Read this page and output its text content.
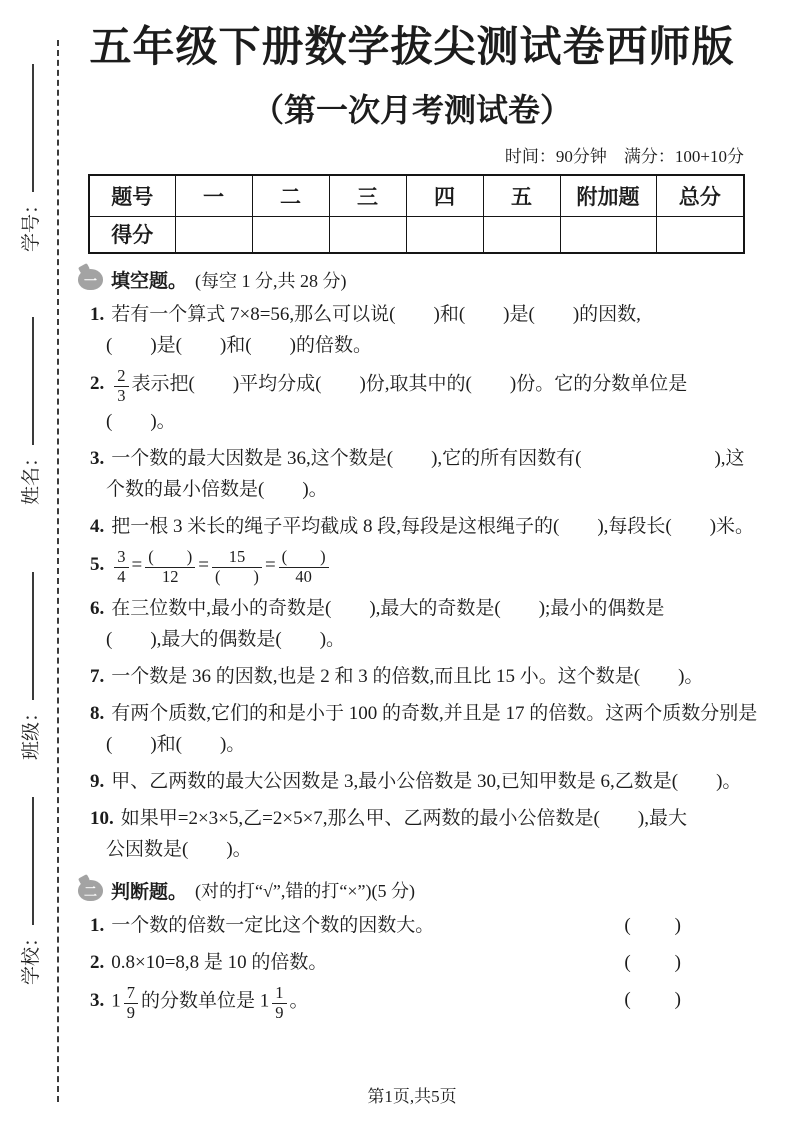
学号：
姓名：
班级：
学校：
五年级下册数学拔尖测试卷西师版
（第一次月考测试卷）
时间：90分钟　满分：100+10分
题号	一	二	三	四	五	附加题	总分
得分							
一 填空题。 (每空 1 分,共 28 分)
1. 若有一个算式 7×8=56,那么可以说(　　)和(　　)是(　　)的因数,
(　　)是(　　)和(　　)的倍数。
2. $\frac{2}{3}$ 表示把(　　)平均分成(　　)份,取其中的(　　)份。它的分数单位是
(　　)。
3. 一个数的最大因数是 36,这个数是(　　),它的所有因数有(　　　　　　　),这
个数的最小倍数是(　　)。
4. 把一根 3 米长的绳子平均截成 8 段,每段是这根绳子的(　　),每段长(　　)米。
5. $\frac{3}{4} = \frac{( )}{12} = \frac{15}{( )} = \frac{( )}{40}$
6. 在三位数中,最小的奇数是(　　),最大的奇数是(　　);最小的偶数是
(　　),最大的偶数是(　　)。
7. 一个数是 36 的因数,也是 2 和 3 的倍数,而且比 15 小。这个数是(　　)。
8. 有两个质数,它们的和是小于 100 的奇数,并且是 17 的倍数。这两个质数分别是
(　　)和(　　)。
9. 甲、乙两数的最大公因数是 3,最小公倍数是 30,已知甲数是 6,乙数是(　　)。
10. 如果甲=2×3×5,乙=2×5×7,那么甲、乙两数的最小公倍数是(　　),最大
公因数是(　　)。
二 判断题。 (对的打“√”,错的打“×”)(5 分)
1. 一个数的倍数一定比这个数的因数大。	(　　)
2. 0.8×10=8,8 是 10 的倍数。	(　　)
3. $1 \frac{7}{9}$ 的分数单位是 $1 \frac{1}{9}$ 。	(　　)
第1页,共5页
